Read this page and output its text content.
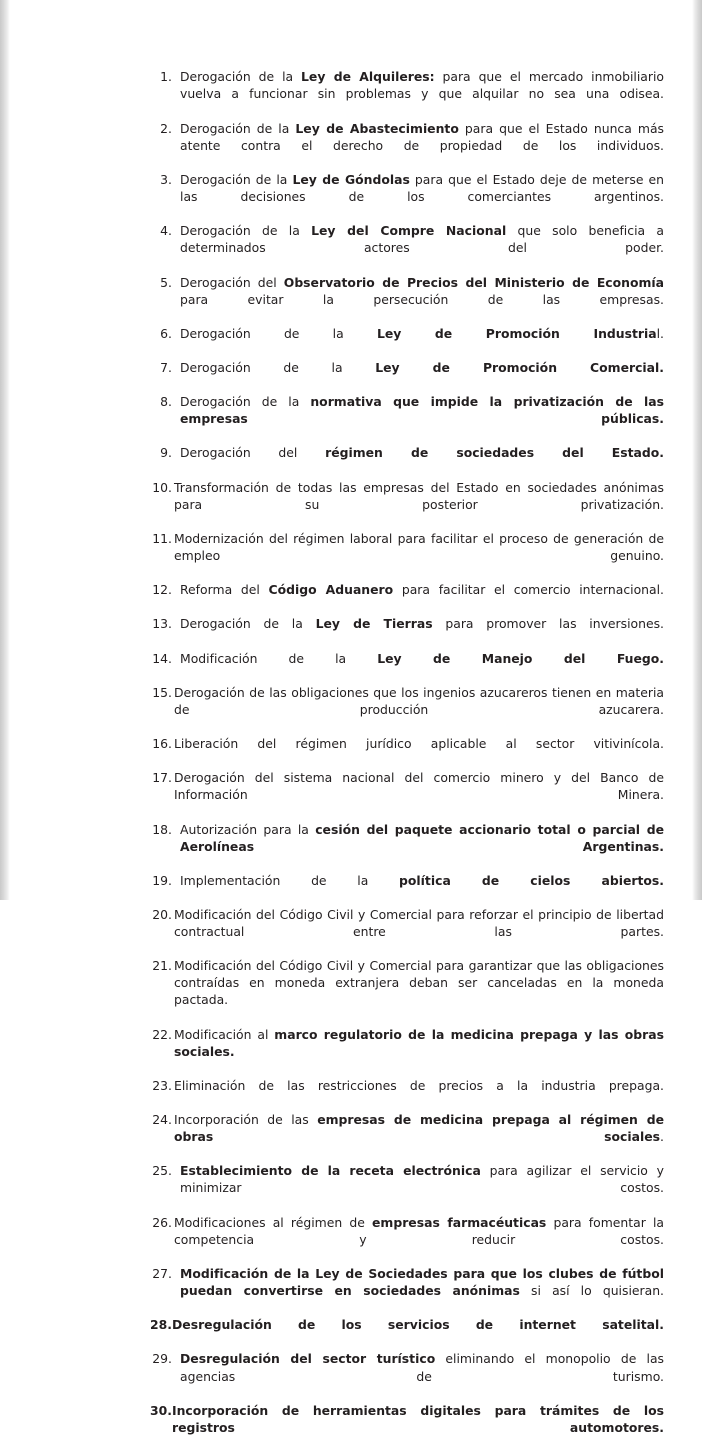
1. Derogación de la Ley de Alquileres: para que el mercado inmobiliario vuelva a funcionar sin problemas y que alquilar no sea una odisea.
2. Derogación de la Ley de Abastecimiento para que el Estado nunca más atente contra el derecho de propiedad de los individuos.
3. Derogación de la Ley de Góndolas para que el Estado deje de meterse en las decisiones de los comerciantes argentinos.
4. Derogación de la Ley del Compre Nacional que solo beneficia a determinados actores del poder.
5. Derogación del Observatorio de Precios del Ministerio de Economía para evitar la persecución de las empresas.
6. Derogación de la Ley de Promoción Industrial.
7. Derogación de la Ley de Promoción Comercial.
8. Derogación de la normativa que impide la privatización de las empresas públicas.
9. Derogación del régimen de sociedades del Estado.
10. Transformación de todas las empresas del Estado en sociedades anónimas para su posterior privatización.
11. Modernización del régimen laboral para facilitar el proceso de generación de empleo genuino.
12. Reforma del Código Aduanero para facilitar el comercio internacional.
13. Derogación de la Ley de Tierras para promover las inversiones.
14. Modificación de la Ley de Manejo del Fuego.
15. Derogación de las obligaciones que los ingenios azucareros tienen en materia de producción azucarera.
16. Liberación del régimen jurídico aplicable al sector vitivinícola.
17. Derogación del sistema nacional del comercio minero y del Banco de Información Minera.
18. Autorización para la cesión del paquete accionario total o parcial de Aerolíneas Argentinas.
19. Implementación de la política de cielos abiertos.
20. Modificación del Código Civil y Comercial para reforzar el principio de libertad contractual entre las partes.
21. Modificación del Código Civil y Comercial para garantizar que las obligaciones contraídas en moneda extranjera deban ser canceladas en la moneda pactada.
22. Modificación al marco regulatorio de la medicina prepaga y las obras sociales.
23. Eliminación de las restricciones de precios a la industria prepaga.
24. Incorporación de las empresas de medicina prepaga al régimen de obras sociales.
25. Establecimiento de la receta electrónica para agilizar el servicio y minimizar costos.
26. Modificaciones al régimen de empresas farmacéuticas para fomentar la competencia y reducir costos.
27. Modificación de la Ley de Sociedades para que los clubes de fútbol puedan convertirse en sociedades anónimas si así lo quisieran.
28. Desregulación de los servicios de internet satelital.
29. Desregulación del sector turístico eliminando el monopolio de las agencias de turismo.
30. Incorporación de herramientas digitales para trámites de los registros automotores.
